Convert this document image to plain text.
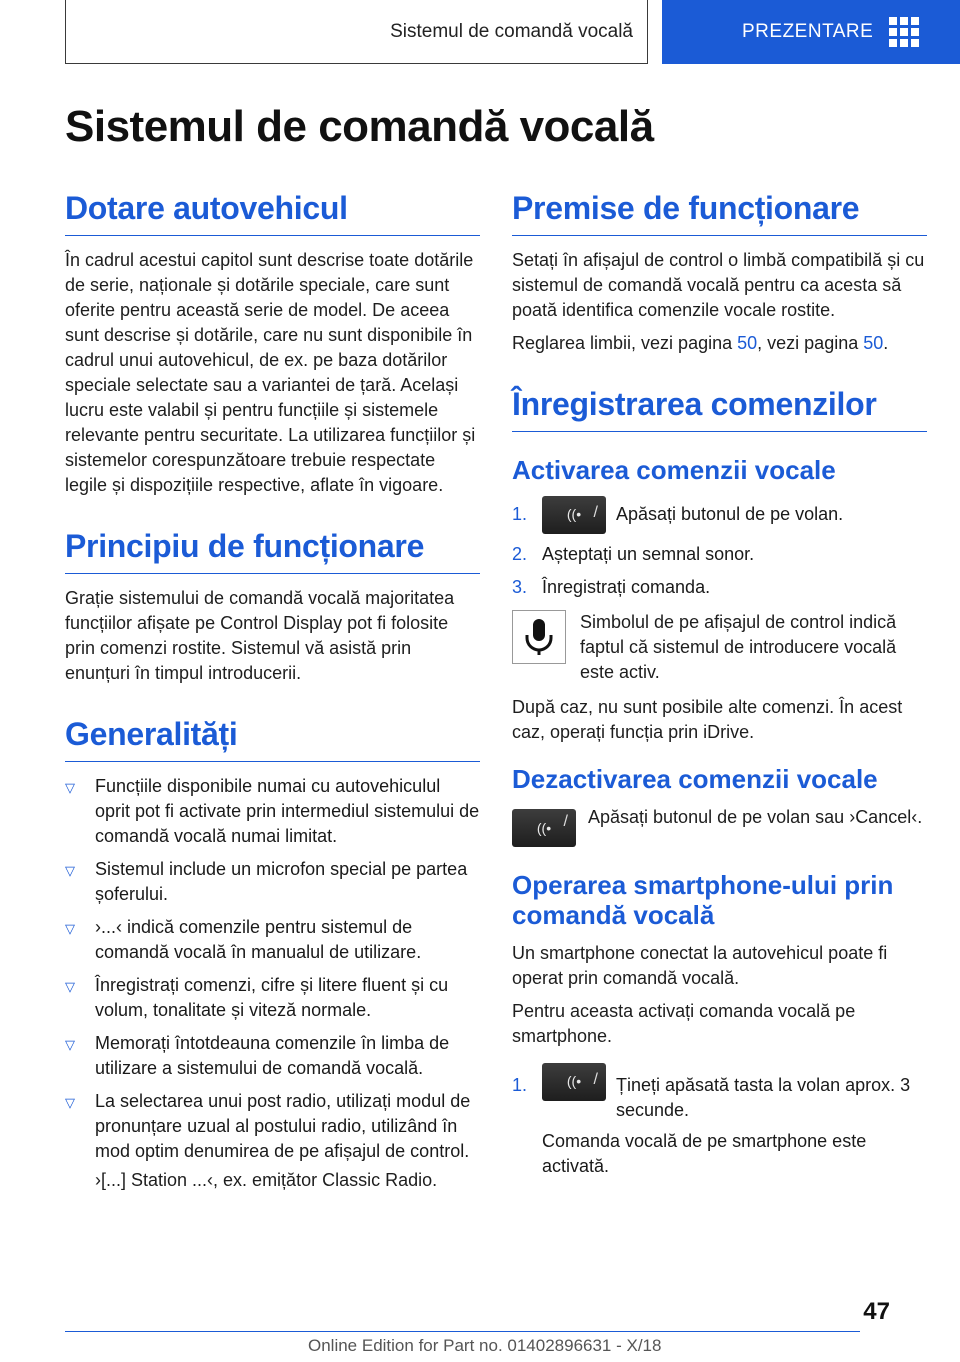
Sistemul de comandă vocală	PREZENTARE
Sistemul de comandă vocală
Dotare autovehicul

În cadrul acestui capitol sunt descrise toate dotările de serie, naționale și dotările speciale, care sunt oferite pentru această serie de model. De aceea sunt descrise și dotările, care nu sunt disponibile în cadrul unui autovehicul, de ex. pe baza dotărilor speciale selectate sau a variantei de țară. Același lucru este valabil și pentru funcțiile și sistemele relevante pentru securitate. La utilizarea funcțiilor și sistemelor corespunzătoare trebuie respectate legile și dispozițiile respective, aflate în vigoare.

Principiu de funcționare

Grație sistemului de comandă vocală majoritatea funcțiilor afișate pe Control Display pot fi folosite prin comenzi rostite. Sistemul vă asistă prin enunțuri în timpul introducerii.

Generalități
▽ Funcțiile disponibile numai cu autovehiculul oprit pot fi activate prin intermediul sistemului de comandă vocală numai limitat.
▽ Sistemul include un microfon special pe partea șoferului.
▽ ›...‹ indică comenzile pentru sistemul de comandă vocală în manualul de utilizare.
▽ Înregistrați comenzi, cifre și litere fluent și cu volum, tonalitate și viteză normale.
▽ Memorați întotdeauna comenzile în limba de utilizare a sistemului de comandă vocală.
▽ La selectarea unui post radio, utilizați modul de pronunțare uzual al postului radio, utilizând în mod optim denumirea de pe afișajul de control.

›[...] Station ...‹, ex. emițător Classic Radio.

Premise de funcționare

Setați în afișajul de control o limbă compatibilă și cu sistemul de comandă vocală pentru ca acesta să poată identifica comenzile vocale rostite.

Reglarea limbii, vezi pagina 50, vezi pagina 50.

Înregistrarea comenzilor
Activarea comenzii vocale
1.	((• / Apăsați butonul de pe volan.
2. Așteptați un semnal sonor.
3. Înregistrați comanda.

Simbolul de pe afișajul de control indică faptul că sistemul de introducere vocală este activ.

După caz, nu sunt posibile alte comenzi. În acest caz, operați funcția prin iDrive.

Dezactivarea comenzii vocale
((• / Apăsați butonul de pe volan sau ›Cancel‹.

Operarea smartphone-ului prin comandă vocală

Un smartphone conectat la autovehicul poate fi operat prin comandă vocală.

Pentru aceasta activați comanda vocală pe smartphone.

1.	((• / Țineți apăsată tasta la volan aprox. 3 secunde.
Comanda vocală de pe smartphone este activată.
47
Online Edition for Part no. 01402896631 - X/18
